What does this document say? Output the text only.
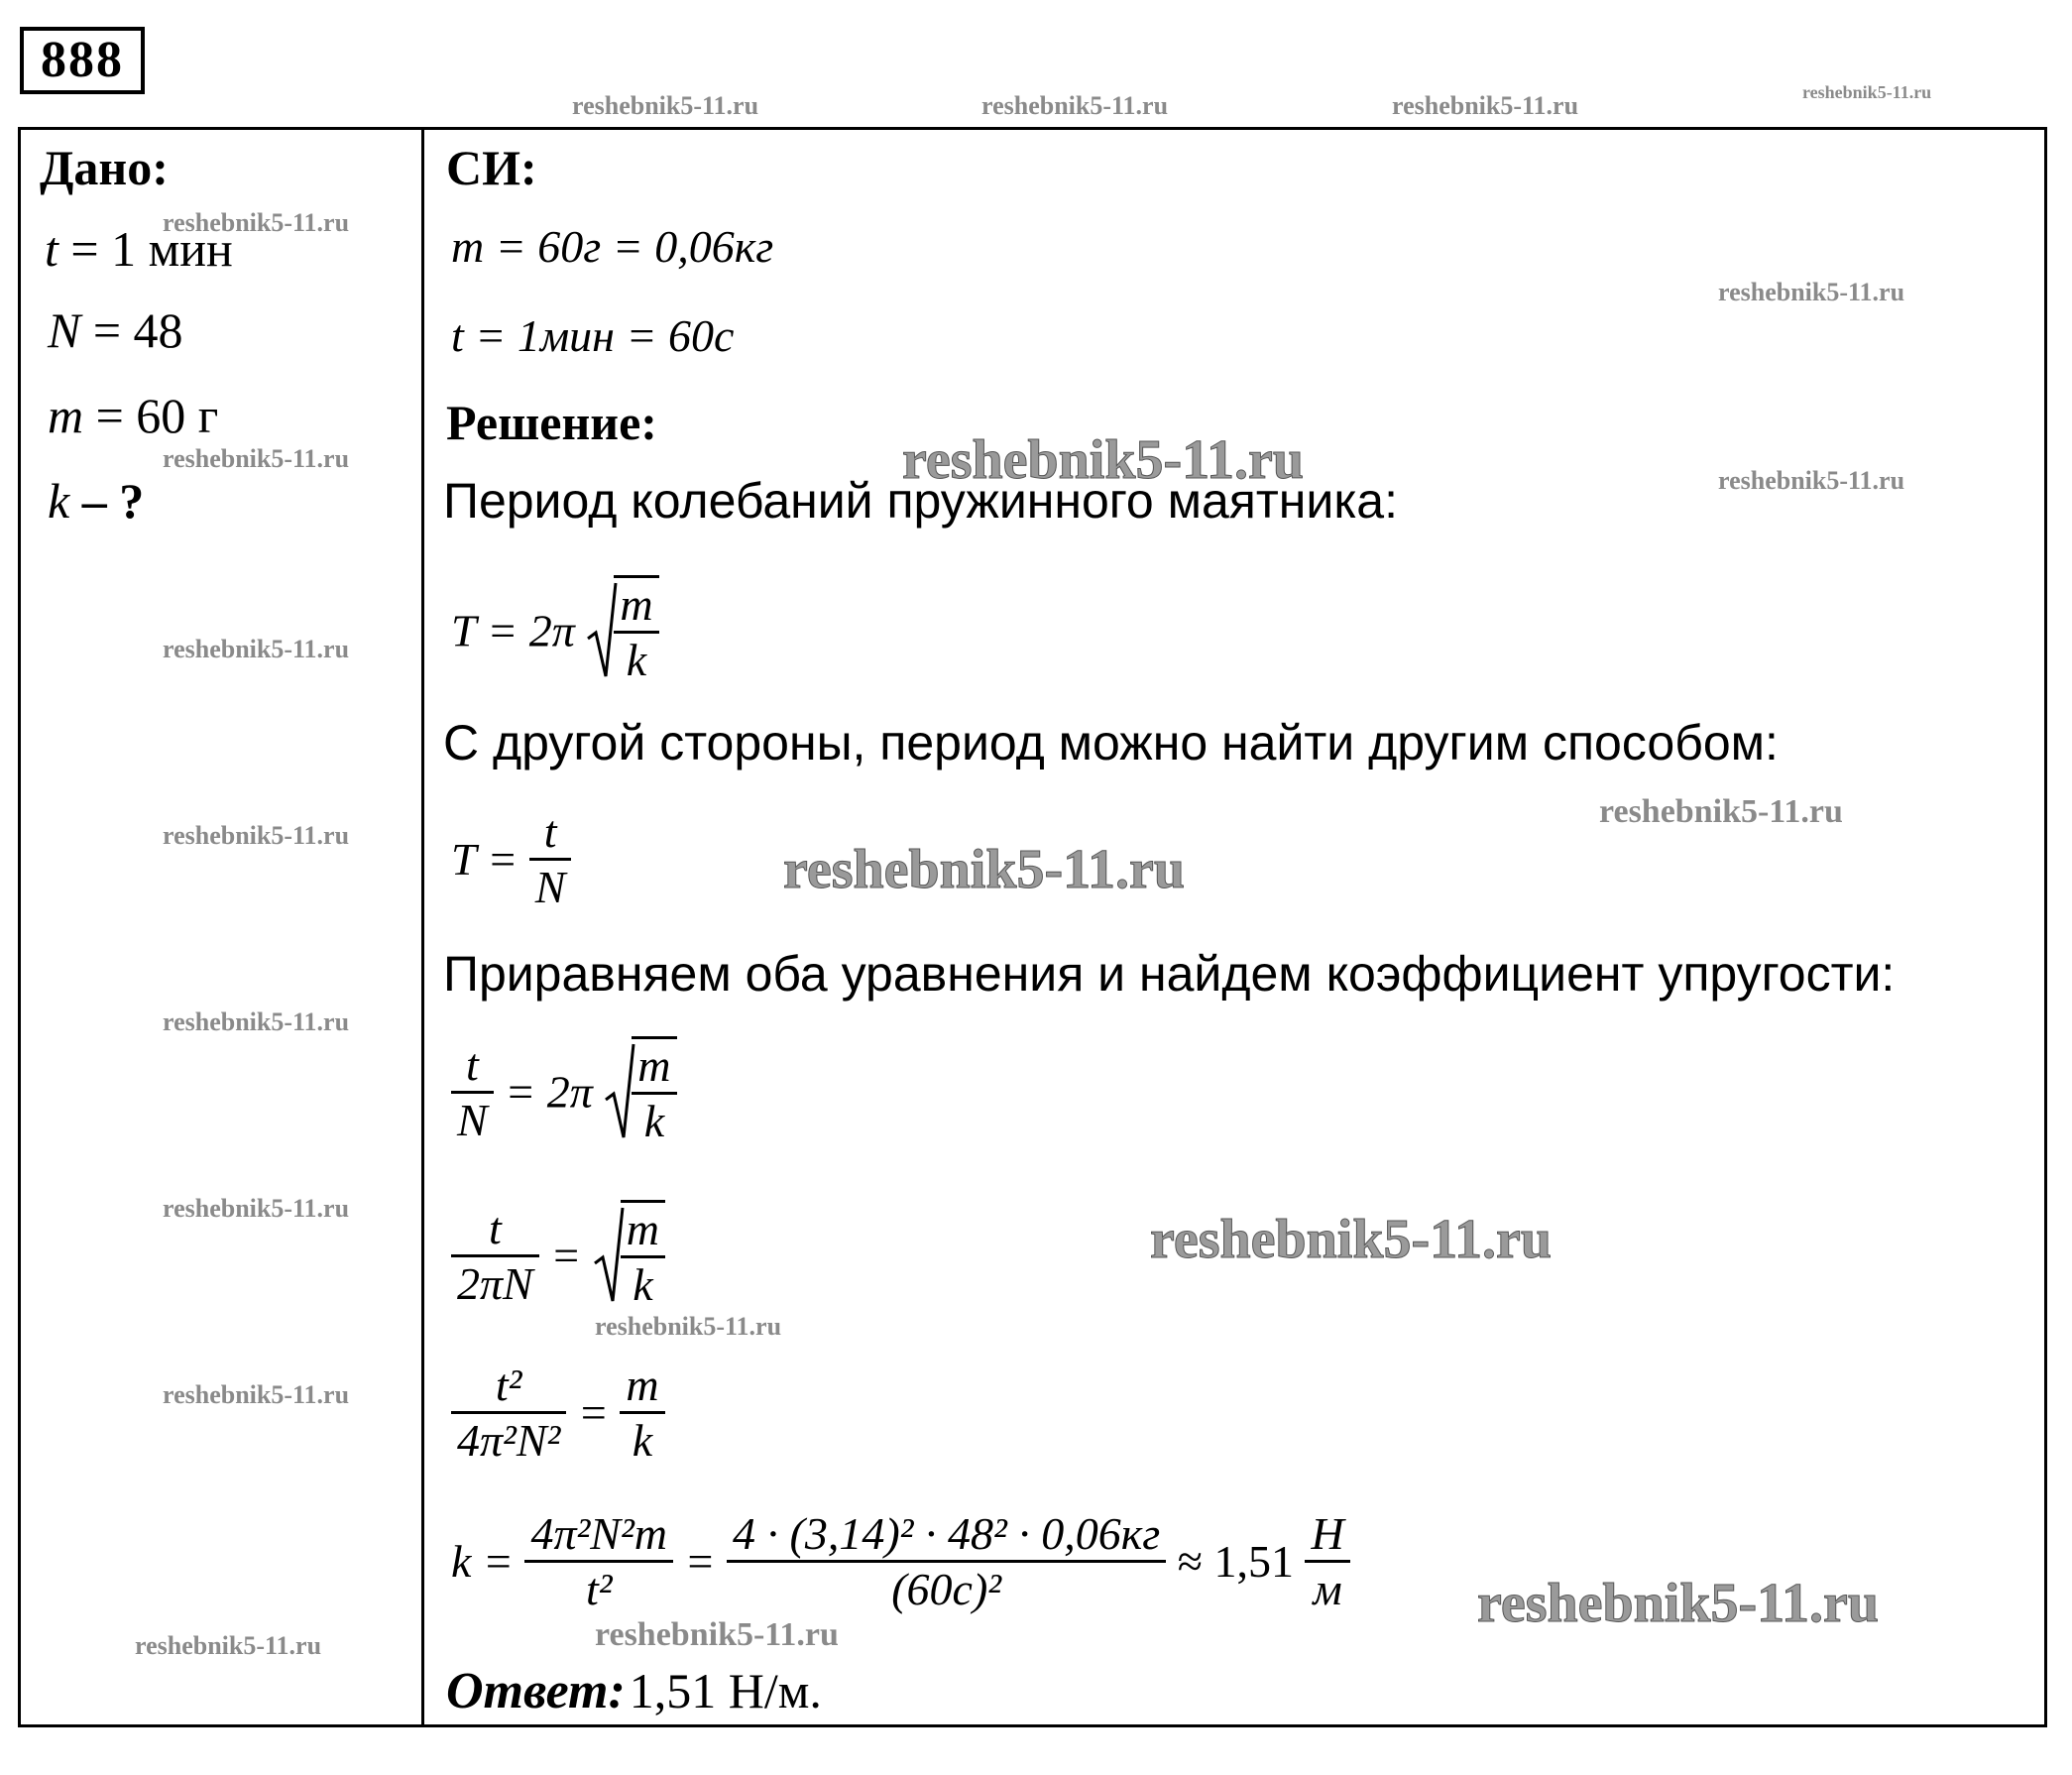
888
reshebnik5-11.ru	reshebnik5-11.ru	reshebnik5-11.ru	reshebnik5-11.ru
Дано:
t = 1 мин
N = 48
m = 60 г
k – ?
reshebnik5-11.ru
reshebnik5-11.ru
reshebnik5-11.ru
reshebnik5-11.ru
reshebnik5-11.ru
reshebnik5-11.ru
reshebnik5-11.ru
reshebnik5-11.ru
СИ:
m = 60г = 0,06кг
t = 1мин = 60с
reshebnik5-11.ru
Решение:
reshebnik5-11.ru	reshebnik5-11.ru
Период колебаний пружинного маятника:
$T = 2\pi \frac{m}{k}$
С другой стороны, период можно найти другим способом:
reshebnik5-11.ru
$T = \frac{t}{N}$	reshebnik5-11.ru
Приравняем оба уравнения и найдем коэффициент упругости:
$\frac{t}{N} = 2\pi \frac{m}{k}$
$\frac{t}{2\pi N} = \frac{m}{k}$	reshebnik5-11.ru
reshebnik5-11.ru
$\frac{\text{t²}}{\text{4π²N²}} = \frac{m}{k}$
$k = \frac{\text{4π²N²m}}{\text{t²}} = \frac{\text{4 · (3,14)² · 48² · 0,06кг}}{\text{(60с)²}} \approx 1,51 \frac{Н}{м}$ reshebnik5-11.ru
reshebnik5-11.ru
Ответ: 1,51 Н/м.
